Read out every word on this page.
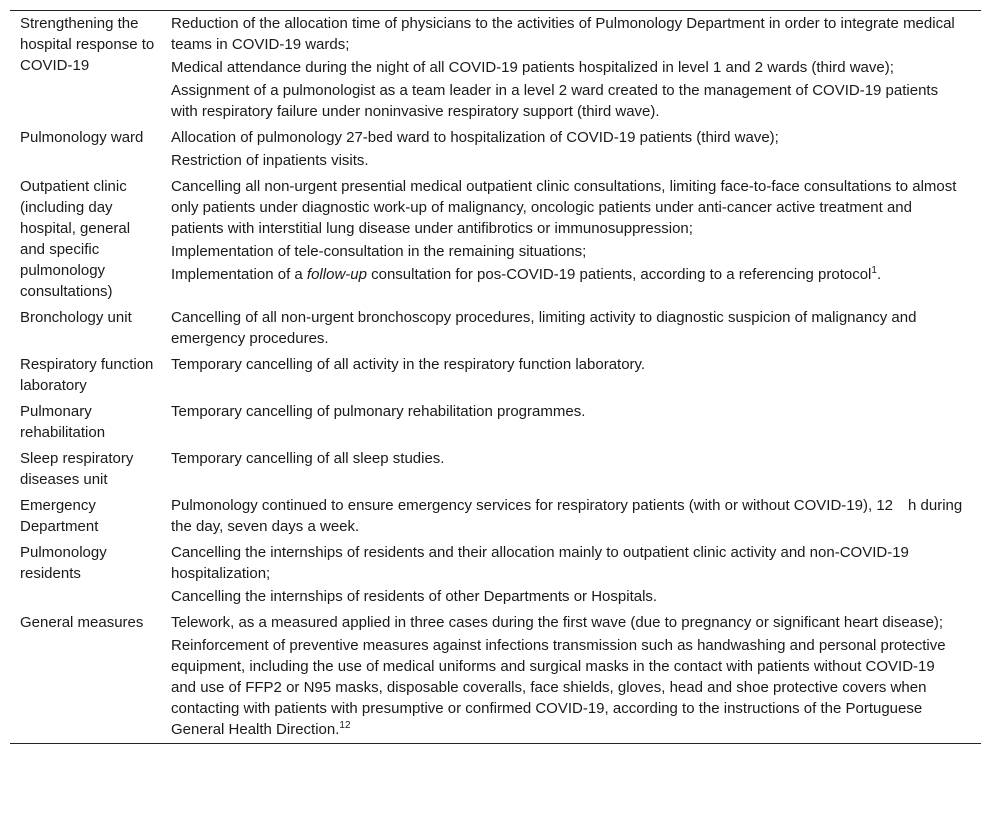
Strengthening the hospital response to COVID-19	Reduction of the allocation time of physicians to the activities of Pulmonology Department in order to integrate medical teams in COVID-19 wards;
Medical attendance during the night of all COVID-19 patients hospitalized in level 1 and 2 wards (third wave);
Assignment of a pulmonologist as a team leader in a level 2 ward created to the management of COVID-19 patients with respiratory failure under noninvasive respiratory support (third wave).

Pulmonology ward	Allocation of pulmonology 27-bed ward to hospitalization of COVID-19 patients (third wave);
Restriction of inpatients visits.

Outpatient clinic (including day hospital, general and specific pulmonology consultations)	Cancelling all non-urgent presential medical outpatient clinic consultations, limiting face-to-face consultations to almost only patients under diagnostic work-up of malignancy, oncologic patients under anti-cancer active treatment and patients with interstitial lung disease under antifibrotics or immunosuppression;
Implementation of tele-consultation in the remaining situations;
Implementation of a follow-up consultation for pos-COVID-19 patients, according to a referencing protocol$^1$.

Bronchology unit	Cancelling of all non-urgent bronchoscopy procedures, limiting activity to diagnostic suspicion of malignancy and emergency procedures.

Respiratory function laboratory	Temporary cancelling of all activity in the respiratory function laboratory.

Pulmonary rehabilitation	Temporary cancelling of pulmonary rehabilitation programmes.

Sleep respiratory diseases unit	Temporary cancelling of all sleep studies.

Emergency Department	Pulmonology continued to ensure emergency services for respiratory patients (with or without COVID-19), 12 h during the day, seven days a week.

Pulmonology residents	Cancelling the internships of residents and their allocation mainly to outpatient clinic activity and non-COVID-19 hospitalization;
Cancelling the internships of residents of other Departments or Hospitals.

General measures	Telework, as a measured applied in three cases during the first wave (due to pregnancy or significant heart disease);
Reinforcement of preventive measures against infections transmission such as handwashing and personal protective equipment, including the use of medical uniforms and surgical masks in the contact with patients without COVID-19 and use of FFP2 or N95 masks, disposable coveralls, face shields, gloves, head and shoe protective covers when contacting with patients with presumptive or confirmed COVID-19, according to the instructions of the Portuguese General Health Direction.$^{12}$
